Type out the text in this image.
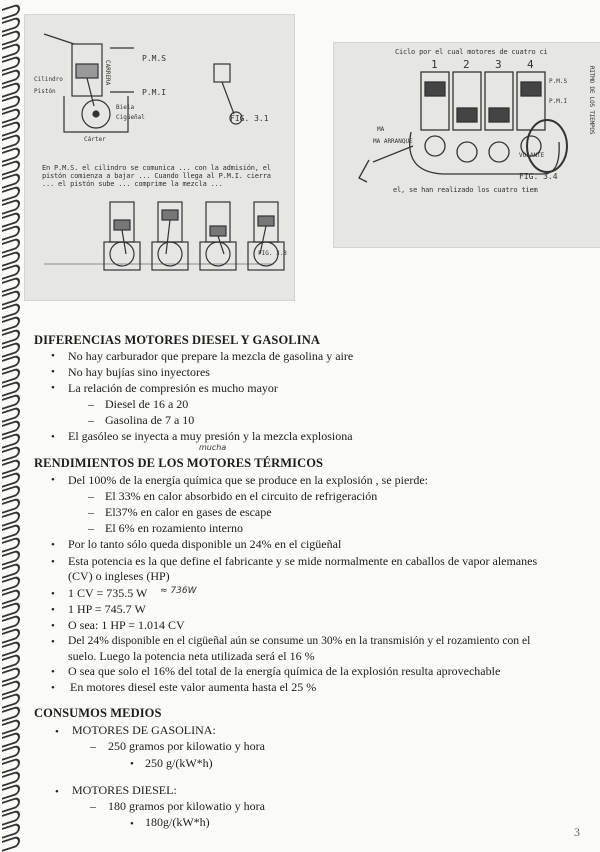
P.M.S
P.M.I
CARRERA
Cilindro
Pistón
Biela
Cigüeñal
Cárter
FIG. 3.1
En P.M.S. el cilindro se comunica ... con la admisión, el pistón comienza a bajar ... Cuando llega al P.M.I. cierra ... el pistón sube ... comprime la mezcla ...
FIG. 3.3
Ciclo por el cual motores de cuatro ci
1 2 3 4
P.M.S
P.M.I
MA
MA ARRANQUE
VOLANTE
RITMO DE LOS TIEMPOS
FIG. 3.4
el, se han realizado los cuatro tiem
DIFERENCIAS MOTORES DIESEL Y GASOLINA
• No hay carburador que prepare la mezcla de gasolina y aire
• No hay bujías sino inyectores
• La relación de compresión es mucho mayor
– Diesel de 16 a 20
– Gasolina de 7 a 10
• El gasóleo se inyecta a muy presión y la mezcla explosiona
mucha
RENDIMIENTOS DE LOS MOTORES TÉRMICOS
• Del 100% de la energía química que se produce en la explosión , se pierde:
– El 33% en calor absorbido en el circuito de refrigeración
– El37% en calor en gases de escape
– El 6% en rozamiento interno
• Por lo tanto sólo queda disponible un 24% en el cigüeñal
• Esta potencia es la que define el fabricante y se mide normalmente en caballos de vapor alemanes
(CV) o ingleses (HP)
• 1 CV = 735.5 W ≈ 736W
• 1 HP = 745.7 W
• O sea: 1 HP = 1.014 CV
• Del 24% disponible en el cigüeñal aún se consume un 30% en la transmisión y el rozamiento con el
suelo. Luego la potencia neta utilizada será el 16 %
• O sea que solo el 16% del total de la energía química de la explosión resulta aprovechable
• En motores diesel este valor aumenta hasta el 25 %
CONSUMOS MEDIOS
• MOTORES DE GASOLINA:
– 250 gramos por kilowatio y hora
• 250 g/(kW*h)
• MOTORES DIESEL:
– 180 gramos por kilowatio y hora
• 180g/(kW*h)
3
